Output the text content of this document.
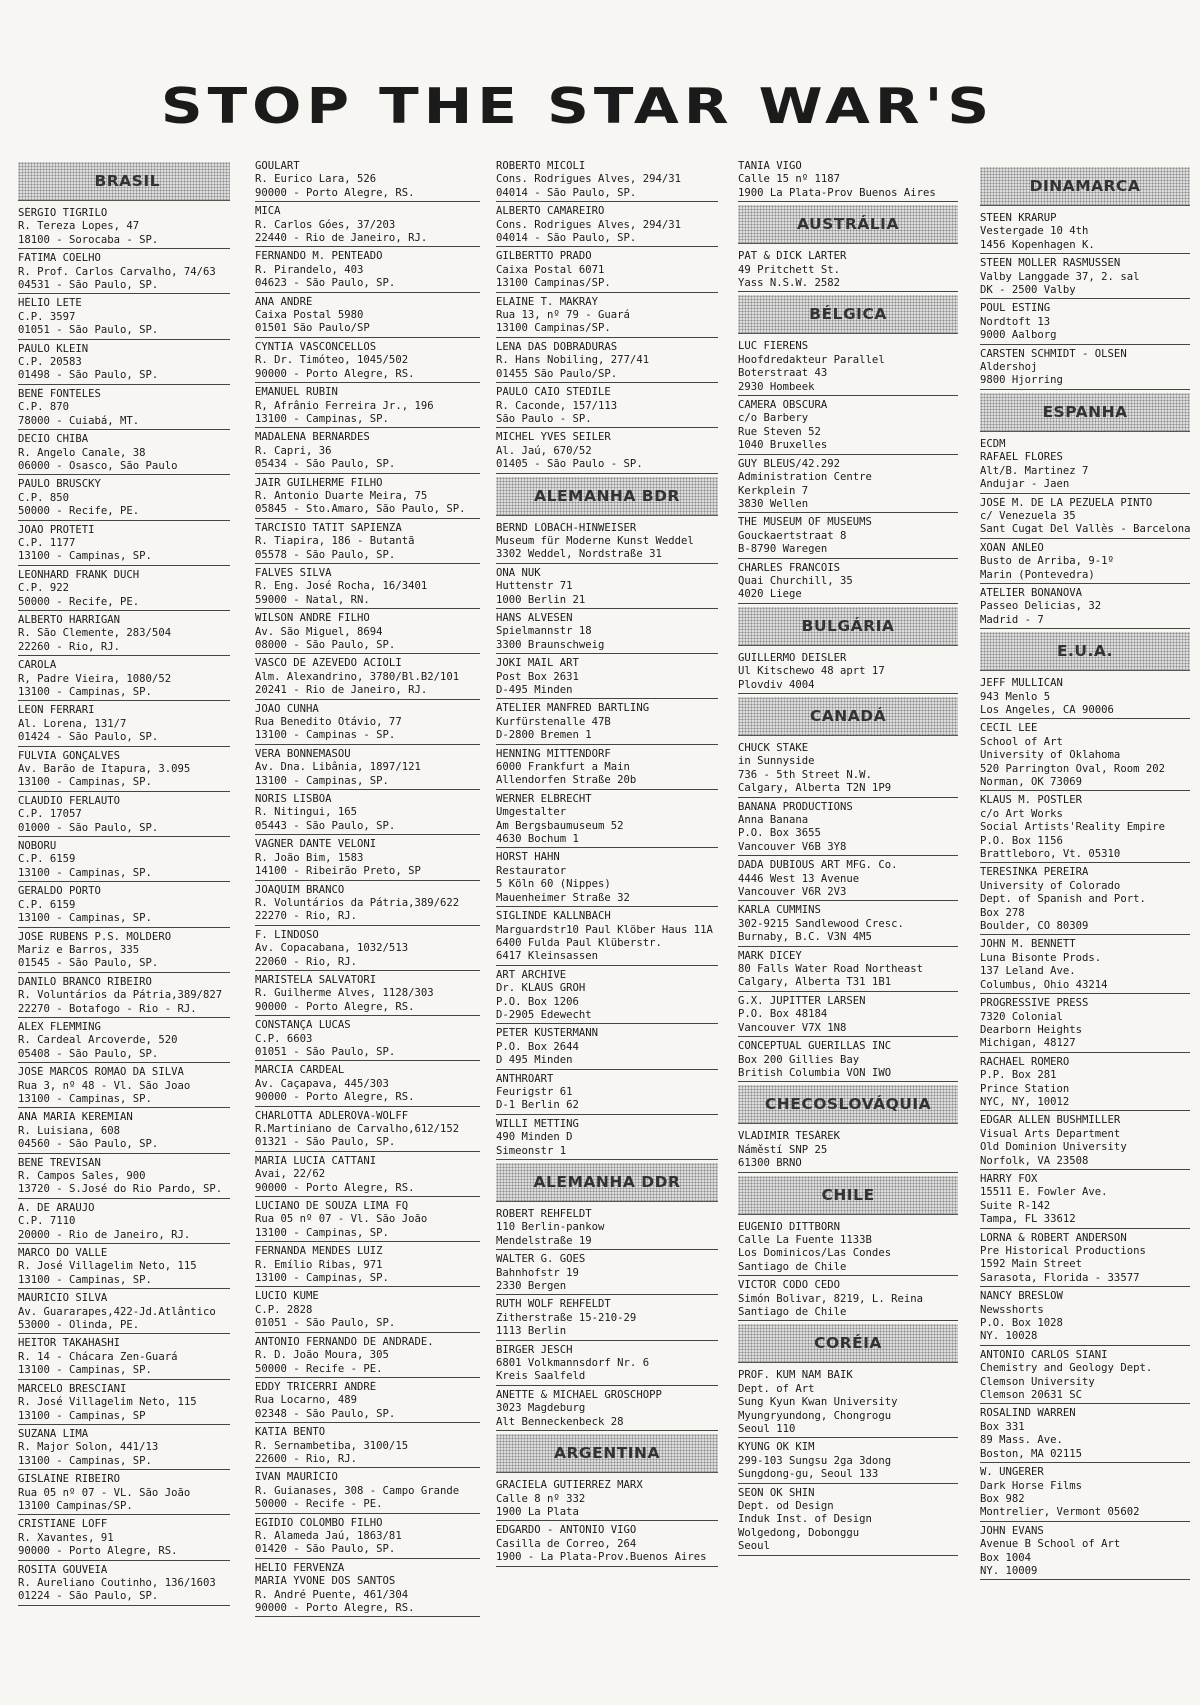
STOP THE STAR WAR'S
BRASIL
SÉRGIO TIGRILO
R. Tereza Lopes, 47
18100 - Sorocaba - SP.
FATIMA COELHO
R. Prof. Carlos Carvalho, 74/63
04531 - São Paulo, SP.
HÉLIO LETE
C.P. 3597
01051 - São Paulo, SP.
PAULO KLEIN
C.P. 20583
01498 - São Paulo, SP.
BENÊ FONTELES
C.P. 870
78000 - Cuiabá, MT.
DECIO CHIBA
R. Angelo Canale, 38
06000 - Osasco, São Paulo
PAULO BRUSCKY
C.P. 850
50000 - Recife, PE.
JOÃO PROTETI
C.P. 1177
13100 - Campinas, SP.
LEONHARD FRANK DUCH
C.P. 922
50000 - Recife, PE.
ALBERTO HARRIGAN
R. São Clemente, 283/504
22260 - Rio, RJ.
CAROLA
R, Padre Vieira, 1080/52
13100 - Campinas, SP.
LEON FERRARI
Al. Lorena, 131/7
01424 - São Paulo, SP.
FÚLVIA GONÇALVES
Av. Barão de Itapura, 3.095
13100 - Campinas, SP.
CLAUDIO FERLAUTO
C.P. 17057
01000 - São Paulo, SP.
NOBORU
C.P. 6159
13100 - Campinas, SP.
GERALDO PORTO
C.P. 6159
13100 - Campinas, SP.
JOSÉ RUBENS P.S. MOLDERO
Mariz e Barros, 335
01545 - São Paulo, SP.
DANILO BRANCO RIBEIRO
R. Voluntários da Pátria,389/827
22270 - Botafogo - Rio - RJ.
ALEX FLEMMING
R. Cardeal Arcoverde, 520
05408 - São Paulo, SP.
JOSÉ MARCOS ROMÃO DA SILVA
Rua 3, nº 48 - Vl. São Joao
13100 - Campinas, SP.
ANA MARIA KEREMIAN
R. Luisiana, 608
04560 - São Paulo, SP.
BENÊ TREVISAN
R. Campos Sales, 900
13720 - S.José do Rio Pardo, SP.
A. DE ARAUJO
C.P. 7110
20000 - Rio de Janeiro, RJ.
MARCO DO VALLE
R. José Villagelim Neto, 115
13100 - Campinas, SP.
MAURÍCIO SILVA
Av. Guararapes,422-Jd.Atlântico
53000 - Olinda, PE.
HEITOR TAKAHASHI
R. 14 - Chácara Zen-Guará
13100 - Campinas, SP.
MARCELO BRESCIANI
R. José Villagelim Neto, 115
13100 - Campinas, SP
SUZANA LIMA
R. Major Solon, 441/13
13100 - Campinas, SP.
GISLAINE RIBEIRO
Rua 05 nº 07 - VL. São João
13100 Campinas/SP.
CRISTIANE LOFF
R. Xavantes, 91
90000 - Porto Alegre, RS.
ROSITA GOUVEIA
R. Aureliano Coutinho, 136/1603
01224 - São Paulo, SP.
GOULART
R. Eurico Lara, 526
90000 - Porto Alegre, RS.
MICA
R. Carlos Góes, 37/203
22440 - Rio de Janeiro, RJ.
FERNANDO M. PENTEADO
R. Pirandelo, 403
04623 - São Paulo, SP.
ANA ANDRÉ
Caixa Postal 5980
01501 São Paulo/SP
CYNTIA VASCONCELLOS
R. Dr. Timóteo, 1045/502
90000 - Porto Alegre, RS.
EMANUEL RUBIN
R, Afrânio Ferreira Jr., 196
13100 - Campinas, SP.
MADALENA BERNARDES
R. Capri, 36
05434 - São Paulo, SP.
JAIR GUILHERME FILHO
R. Antonio Duarte Meira, 75
05845 - Sto.Amaro, São Paulo, SP.
TARCISIO TATIT SAPIENZA
R. Tiapira, 186 - Butantã
05578 - São Paulo, SP.
FALVES SILVA
R. Eng. José Rocha, 16/3401
59000 - Natal, RN.
WILSON ANDRÉ FILHO
Av. São Miguel, 8694
08000 - São Paulo, SP.
VASCO DE AZEVEDO ACIOLI
Alm. Alexandrino, 3780/Bl.B2/101
20241 - Rio de Janeiro, RJ.
JOÃO CUNHA
Rua Benedito Otávio, 77
13100 - Campinas - SP.
VERA BONNEMASOU
Av. Dna. Libânia, 1897/121
13100 - Campinas, SP.
NORIS LISBOA
R. Nitingui, 165
05443 - São Paulo, SP.
VAGNER DANTE VELONI
R. João Bim, 1583
14100 - Ribeirão Preto, SP
JOAQUIM BRANCO
R. Voluntários da Pátria,389/622
22270 - Rio, RJ.
F. LINDOSO
Av. Copacabana, 1032/513
22060 - Rio, RJ.
MARISTELA SALVATORI
R. Guilherme Alves, 1128/303
90000 - Porto Alegre, RS.
CONSTANÇA LUCAS
C.P. 6603
01051 - São Paulo, SP.
MÁRCIA CARDEAL
Av. Caçapava, 445/303
90000 - Porto Alegre, RS.
CHARLOTTA ADLEROVA-WOLFF
R.Martiniano de Carvalho,612/152
01321 - São Paulo, SP.
MARIA LUCIA CATTANI
Avai, 22/62
90000 - Porto Alegre, RS.
LUCIANO DE SOUZA LIMA FQ
Rua 05 nº 07 - Vl. São João
13100 - Campinas, SP.
FERNANDA MENDES LUIZ
R. Emílio Ribas, 971
13100 - Campinas, SP.
LUCIO KUME
C.P. 2828
01051 - São Paulo, SP.
ANTONIO FERNANDO DE ANDRADE.
R. D. João Moura, 305
50000 - Recife - PE.
EDDY TRICERRI ANDRÉ
Rua Locarno, 489
02348 - São Paulo, SP.
KATIA BENTO
R. Sernambetiba, 3100/15
22600 - Rio, RJ.
IVAN MAURÍCIO
R. Guianases, 308 - Campo Grande
50000 - Recife - PE.
EGIDIO COLOMBO FILHO
R. Alameda Jaú, 1863/81
01420 - São Paulo, SP.
HELIO FERVENZA
MARIA YVONE DOS SANTOS
R. André Puente, 461/304
90000 - Porto Alegre, RS.
ROBERTO MICOLI
Cons. Rodrigues Alves, 294/31
04014 - São Paulo, SP.
ALBERTO CAMAREIRO
Cons. Rodrigues Alves, 294/31
04014 - São Paulo, SP.
GILBERTTO PRADO
Caixa Postal 6071
13100 Campinas/SP.
ELAINE T. MAKRAY
Rua 13, nº 79 - Guará
13100 Campinas/SP.
LENA DAS DOBRADURAS
R. Hans Nobiling, 277/41
01455 São Paulo/SP.
PAULO CAIO STEDILE
R. Caconde, 157/113
São Paulo - SP.
MICHEL YVES SEILER
Al. Jaú, 670/52
01405 - São Paulo - SP.
ALEMANHA BDR
BERND LÖBACH-HINWEISER
Museum für Moderne Kunst Weddel
3302 Weddel, Nordstraße 31
ONA NUK
Huttenstr 71
1000 Berlin 21
HANS ALVESEN
Spielmannstr 18
3300 Braunschweig
JOKI MAIL ART
Post Box 2631
D-495 Minden
ATELIER MANFRED BARTLING
Kurfürstenalle 47B
D-2800 Bremen 1
HENNING MITTENDORF
6000 Frankfurt a Main
Allendorfen Straße 20b
WERNER ELBRECHT
Umgestalter
Am Bergsbaumuseum 52
4630 Bochum 1
HORST HAHN
Restaurator
5 Köln 60 (Nippes)
Mauenheimer Straße 32
SIGLINDE KALLNBACH
Marguardstr10 Paul Klöber Haus 11A
6400 Fulda Paul Klüberstr.
6417 Kleinsassen
ART ARCHIVE
Dr. KLAUS GROH
P.O. Box 1206
D-2905 Edewecht
PETER KÜSTERMANN
P.O. Box 2644
D 495 Minden
ANTHROART
Feurigstr 61
D-1 Berlin 62
WILLI METTING
490 Minden D
Simeonstr 1
ALEMANHA DDR
ROBERT REHFELDT
110 Berlin-pankow
Mendelstraße 19
WALTER G. GOES
Bahnhofstr 19
2330 Bergen
RUTH WOLF REHFELDT
Zitherstraße 15-210-29
1113 Berlin
BIRGER JESCH
6801 Volkmannsdorf Nr. 6
Kreis Saalfeld
ANETTE & MICHAEL GROSCHOPP
3023 Magdeburg
Alt Benneckenbeck 28
ARGENTINA
GRACIELA GUTIERREZ MARX
Calle 8 nº 332
1900 La Plata
EDGARDO - ANTONIO VIGO
Casilla de Correo, 264
1900 - La Plata-Prov.Buenos Aires
TANIA VIGO
Calle 15 nº 1187
1900 La Plata-Prov Buenos Aires
AUSTRÁLIA
PAT & DICK LARTER
49 Pritchett St.
Yass N.S.W. 2582
BÉLGICA
LUC FIERENS
Hoofdredakteur Parallel
Boterstraat 43
2930 Hombeek
CAMERA OBSCURA
c/o Barbery
Rue Steven 52
1040 Bruxelles
GUY BLEUS/42.292
Administration Centre
Kerkplein 7
3830 Wellen
THE MUSEUM OF MUSEUMS
Gouckaertstraat 8
B-8790 Waregen
CHARLES FRANCOIS
Quai Churchill, 35
4020 Liege
BULGÁRIA
GUILLERMO DEISLER
Ul Kitschewo 48 aprt 17
Plovdiv 4004
CANADÁ
CHUCK STAKE
in Sunnyside
736 - 5th Street N.W.
Calgary, Alberta T2N 1P9
BANANA PRODUCTIONS
Anna Banana
P.O. Box 3655
Vancouver V6B 3Y8
DADA DUBIOUS ART MFG. Co.
4446 West 13 Avenue
Vancouver V6R 2V3
KARLA CUMMINS
302-9215 Sandlewood Cresc.
Burnaby, B.C. V3N 4M5
MARK DICEY
80 Falls Water Road Northeast
Calgary, Alberta T31 1B1
G.X. JUPITTER LARSEN
P.O. Box 48184
Vancouver V7X 1N8
CONCEPTUAL GUERILLAS INC
Box 200 Gillies Bay
British Columbia VON IWO
CHECOSLOVÁQUIA
VLADIMIR TESÁREK
Náměstí SNP 25
61300 BRNO
CHILE
EUGENIO DITTBORN
Calle La Fuente 1133B
Los Dominicos/Las Condes
Santiago de Chile
VICTOR CODO CEDO
Simón Bolivar, 8219, L. Reina
Santiago de Chile
CORÉIA
PROF. KUM NAM BAIK
Dept. of Art
Sung Kyun Kwan University
Myungryundong, Chongrogu
Seoul 110
KYUNG OK KIM
299-103 Sungsu 2ga 3dong
Sungdong-gu, Seoul 133
SEON OK SHIN
Dept. od Design
Induk Inst. of Design
Wolgedong, Dobonggu
Seoul
DINAMARCA
STEEN KRARUP
Vestergade 10 4th
1456 Kopenhagen K.
STEEN MOLLER RASMUSSEN
Valby Langgade 37, 2. sal
DK - 2500 Valby
POUL ESTING
Nordtoft 13
9000 Aalborg
CARSTEN SCHMIDT - OLSEN
Aldershoj
9800 Hjorring
ESPANHA
ECDM
RAFAEL FLORES
Alt/B. Martinez 7
Andujar - Jaen
JOSÉ M. DE LA PEZUELA PINTO
c/ Venezuela 35
Sant Cugat Del Vallès - Barcelona
XOAN ANLEO
Busto de Arriba, 9-1º
Marin (Pontevedra)
ATELIER BONANOVA
Passeo Delicias, 32
Madrid - 7
E.U.A.
JEFF MULLICAN
943 Menlo 5
Los Angeles, CA 90006
CECIL LEE
School of Art
University of Oklahoma
520 Parrington Oval, Room 202
Norman, OK 73069
KLAUS M. POSTLER
c/o Art Works
Social Artists'Reality Empire
P.O. Box 1156
Brattleboro, Vt. 05310
TERESINKA PEREIRA
University of Colorado
Dept. of Spanish and Port.
Box 278
Boulder, CO 80309
JOHN M. BENNETT
Luna Bisonte Prods.
137 Leland Ave.
Columbus, Ohio 43214
PROGRESSIVE PRESS
7320 Colonial
Dearborn Heights
Michigan, 48127
RACHAEL ROMERO
P.P. Box 281
Prince Station
NYC, NY, 10012
EDGAR ALLEN BUSHMILLER
Visual Arts Department
Old Dominion University
Norfolk, VA 23508
HARRY FOX
15511 E. Fowler Ave.
Suite R-142
Tampa, FL 33612
LORNA & ROBERT ANDERSON
Pre Historical Productions
1592 Main Street
Sarasota, Florida - 33577
NANCY BRESLOW
Newsshorts
P.O. Box 1028
NY. 10028
ANTONIO CARLOS SIANI
Chemistry and Geology Dept.
Clemson University
Clemson 20631 SC
ROSALIND WARREN
Box 331
89 Mass. Ave.
Boston, MA 02115
W. UNGERER
Dark Horse Films
Box 982
Montrelier, Vermont 05602
JOHN EVANS
Avenue B School of Art
Box 1004
NY. 10009
